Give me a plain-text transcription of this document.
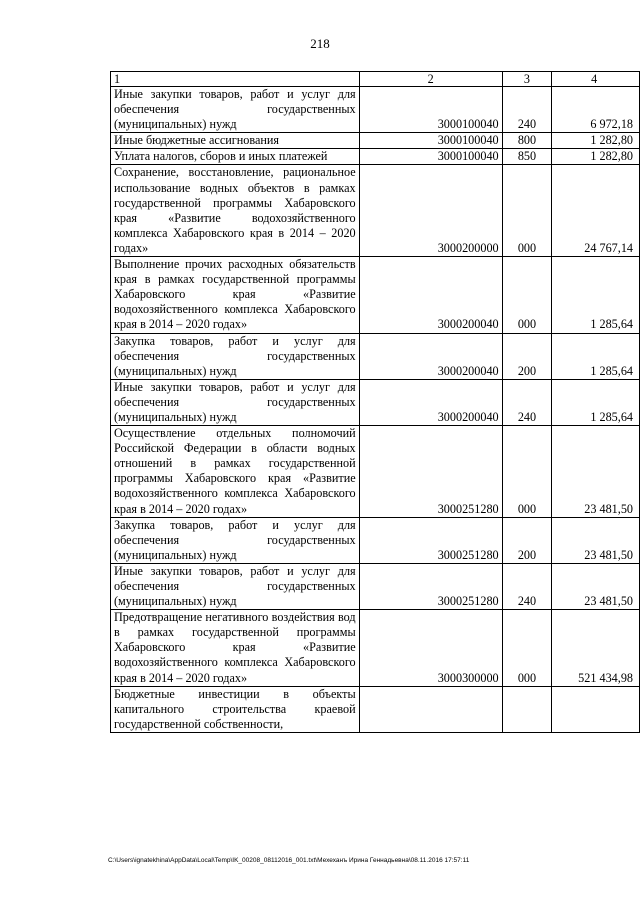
218
1	2	3	4
Иные закупки товаров, работ и услуг для обеспечения государственных (муниципальных) нужд	3000100040	240	6 972,18
Иные бюджетные ассигнования	3000100040	800	1 282,80
Уплата налогов, сборов и иных платежей	3000100040	850	1 282,80
Сохранение, восстановление, рациональное использование водных объектов в рамках государственной программы Хабаровского края «Развитие водохозяйственного комплекса Хабаровского края в 2014 – 2020 годах»	3000200000	000	24 767,14
Выполнение прочих расходных обязательств края в рамках государственной программы Хабаровского края «Развитие водохозяйственного комплекса Хабаровского края в 2014 – 2020 годах»	3000200040	000	1 285,64
Закупка товаров, работ и услуг для обеспечения государственных (муниципальных) нужд	3000200040	200	1 285,64
Иные закупки товаров, работ и услуг для обеспечения государственных (муниципальных) нужд	3000200040	240	1 285,64
Осуществление отдельных полномочий Российской Федерации в области водных отношений в рамках государственной программы Хабаровского края «Развитие водохозяйственного комплекса Хабаровского края в 2014 – 2020 годах»	3000251280	000	23 481,50
Закупка товаров, работ и услуг для обеспечения государственных (муниципальных) нужд	3000251280	200	23 481,50
Иные закупки товаров, работ и услуг для обеспечения государственных (муниципальных) нужд	3000251280	240	23 481,50
Предотвращение негативного воздействия вод в рамках государственной программы Хабаровского края «Развитие водохозяйственного комплекса Хабаровского края в 2014 – 2020 годах»	3000300000	000	521 434,98
Бюджетные инвестиции в объекты капитального строительства краевой государственной собственности,			
C:\Users\ignatekhina\AppData\Local\Temp\IK_00208_08112016_001.txt\Мехеханъ Ирина Геннадьевна\08.11.2016 17:57:11
